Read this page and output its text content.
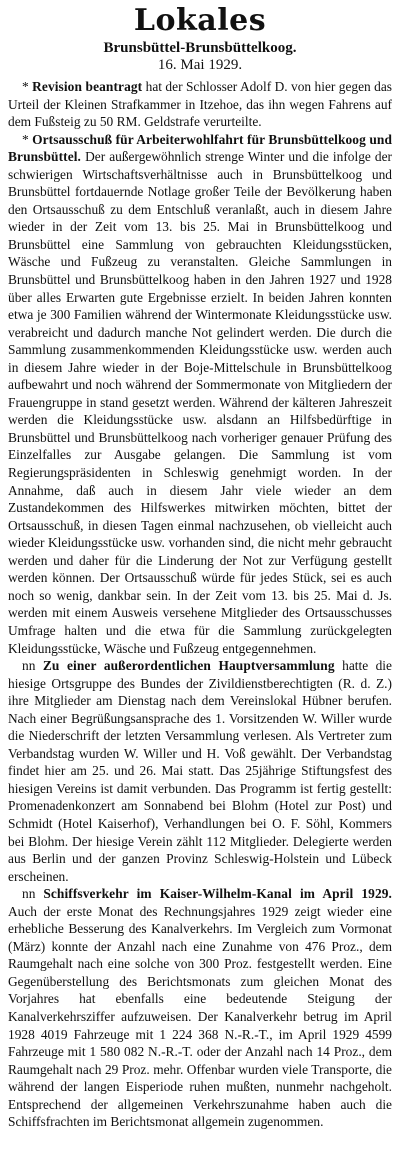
Lokales
Brunsbüttel-Brunsbüttelkoog.
16. Mai 1929.

* Revision beantragt hat der Schlosser Adolf D. von hier gegen das Urteil der Kleinen Strafkammer in Itzehoe, das ihn wegen Fahrens auf dem Fußsteig zu 50 RM. Geldstrafe verurteilte.

* Ortsausschuß für Arbeiterwohlfahrt für Brunsbüttelkoog und Brunsbüttel. Der außergewöhnlich strenge Winter und die infolge der schwierigen Wirtschaftsverhältnisse auch in Brunsbüttelkoog und Brunsbüttel fortdauernde Notlage großer Teile der Bevölkerung haben den Ortsausschuß zu dem Entschluß veranlaßt, auch in diesem Jahre wieder in der Zeit vom 13. bis 25. Mai in Brunsbüttelkoog und Brunsbüttel eine Sammlung von gebrauchten Kleidungsstücken, Wäsche und Fußzeug zu veranstalten. Gleiche Sammlungen in Brunsbüttel und Brunsbüttelkoog haben in den Jahren 1927 und 1928 über alles Erwarten gute Ergebnisse erzielt. In beiden Jahren konnten etwa je 300 Familien während der Wintermonate Kleidungsstücke usw. verabreicht und dadurch manche Not gelindert werden. Die durch die Sammlung zusammenkommenden Kleidungsstücke usw. werden auch in diesem Jahre wieder in der Boje-Mittelschule in Brunsbüttelkoog aufbewahrt und noch während der Sommermonate von Mitgliedern der Frauengruppe in stand gesetzt werden. Während der kälteren Jahreszeit werden die Kleidungsstücke usw. alsdann an Hilfsbedürftige in Brunsbüttel und Brunsbüttelkoog nach vorheriger genauer Prüfung des Einzelfalles zur Ausgabe gelangen. Die Sammlung ist vom Regierungspräsidenten in Schleswig genehmigt worden. In der Annahme, daß auch in diesem Jahr viele wieder an dem Zustandekommen des Hilfswerkes mitwirken möchten, bittet der Ortsausschuß, in diesen Tagen einmal nachzusehen, ob vielleicht auch wieder Kleidungsstücke usw. vorhanden sind, die nicht mehr gebraucht werden und daher für die Linderung der Not zur Verfügung gestellt werden können. Der Ortsausschuß würde für jedes Stück, sei es auch noch so wenig, dankbar sein. In der Zeit vom 13. bis 25. Mai d. Js. werden mit einem Ausweis versehene Mitglieder des Ortsausschusses Umfrage halten und die etwa für die Sammlung zurückgelegten Kleidungsstücke, Wäsche und Fußzeug entgegennehmen.

nn Zu einer außerordentlichen Hauptversammlung hatte die hiesige Ortsgruppe des Bundes der Zivildienstberechtigten (R. d. Z.) ihre Mitglieder am Dienstag nach dem Vereinslokal Hübner berufen. Nach einer Begrüßungsansprache des 1. Vorsitzenden W. Willer wurde die Niederschrift der letzten Versammlung verlesen. Als Vertreter zum Verbandstag wurden W. Willer und H. Voß gewählt. Der Verbandstag findet hier am 25. und 26. Mai statt. Das 25jährige Stiftungsfest des hiesigen Vereins ist damit verbunden. Das Programm ist fertig gestellt: Promenadenkonzert am Sonnabend bei Blohm (Hotel zur Post) und Schmidt (Hotel Kaiserhof), Verhandlungen bei O. F. Söhl, Kommers bei Blohm. Der hiesige Verein zählt 112 Mitglieder. Delegierte werden aus Berlin und der ganzen Provinz Schleswig-Holstein und Lübeck erscheinen.

nn Schiffsverkehr im Kaiser-Wilhelm-Kanal im April 1929. Auch der erste Monat des Rechnungsjahres 1929 zeigt wieder eine erhebliche Besserung des Kanalverkehrs. Im Vergleich zum Vormonat (März) konnte der Anzahl nach eine Zunahme von 476 Proz., dem Raumgehalt nach eine solche von 300 Proz. festgestellt werden. Eine Gegenüberstellung des Berichtsmonats zum gleichen Monat des Vorjahres hat ebenfalls eine bedeutende Steigung der Kanalverkehrsziffer aufzuweisen. Der Kanalverkehr betrug im April 1928 4019 Fahrzeuge mit 1 224 368 N.-R.-T., im April 1929 4599 Fahrzeuge mit 1 580 082 N.-R.-T. oder der Anzahl nach 14 Proz., dem Raumgehalt nach 29 Proz. mehr. Offenbar wurden viele Transporte, die während der langen Eisperiode ruhen mußten, nunmehr nachgeholt. Entsprechend der allgemeinen Verkehrszunahme haben auch die Schiffsfrachten im Berichtsmonat allgemein zugenommen.
